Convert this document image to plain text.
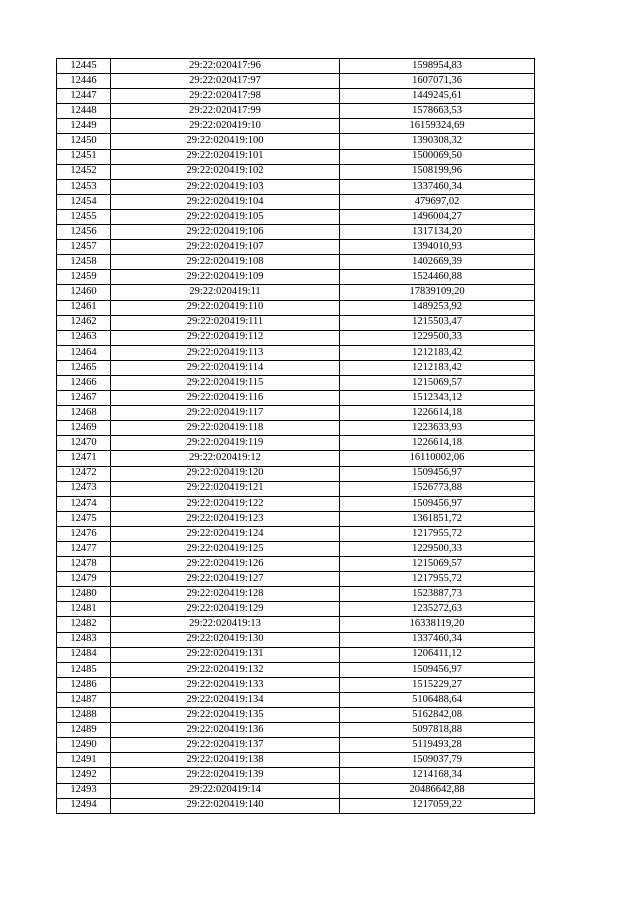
12445	29:22:020417:96	1598954,83
12446	29:22:020417:97	1607071,36
12447	29:22:020417:98	1449245,61
12448	29:22:020417:99	1578663,53
12449	29:22:020419:10	16159324,69
12450	29:22:020419:100	1390308,32
12451	29:22:020419:101	1500069,50
12452	29:22:020419:102	1508199,96
12453	29:22:020419:103	1337460,34
12454	29:22:020419:104	479697,02
12455	29:22:020419:105	1496004,27
12456	29:22:020419:106	1317134,20
12457	29:22:020419:107	1394010,93
12458	29:22:020419:108	1402669,39
12459	29:22:020419:109	1524460,88
12460	29:22:020419:11	17839109,20
12461	29:22:020419:110	1489253,92
12462	29:22:020419:111	1215503,47
12463	29:22:020419:112	1229500,33
12464	29:22:020419:113	1212183,42
12465	29:22:020419:114	1212183,42
12466	29:22:020419:115	1215069,57
12467	29:22:020419:116	1512343,12
12468	29:22:020419:117	1226614,18
12469	29:22:020419:118	1223633,93
12470	29:22:020419:119	1226614,18
12471	29:22:020419:12	16110002,06
12472	29:22:020419:120	1509456,97
12473	29:22:020419:121	1526773,88
12474	29:22:020419:122	1509456,97
12475	29:22:020419:123	1361851,72
12476	29:22:020419:124	1217955,72
12477	29:22:020419:125	1229500,33
12478	29:22:020419:126	1215069,57
12479	29:22:020419:127	1217955,72
12480	29:22:020419:128	1523887,73
12481	29:22:020419:129	1235272,63
12482	29:22:020419:13	16338119,20
12483	29:22:020419:130	1337460,34
12484	29:22:020419:131	1206411,12
12485	29:22:020419:132	1509456,97
12486	29:22:020419:133	1515229,27
12487	29:22:020419:134	5106488,64
12488	29:22:020419:135	5162842,08
12489	29:22:020419:136	5097818,88
12490	29:22:020419:137	5119493,28
12491	29:22:020419:138	1509037,79
12492	29:22:020419:139	1214168,34
12493	29:22:020419:14	20486642,88
12494	29:22:020419:140	1217059,22
